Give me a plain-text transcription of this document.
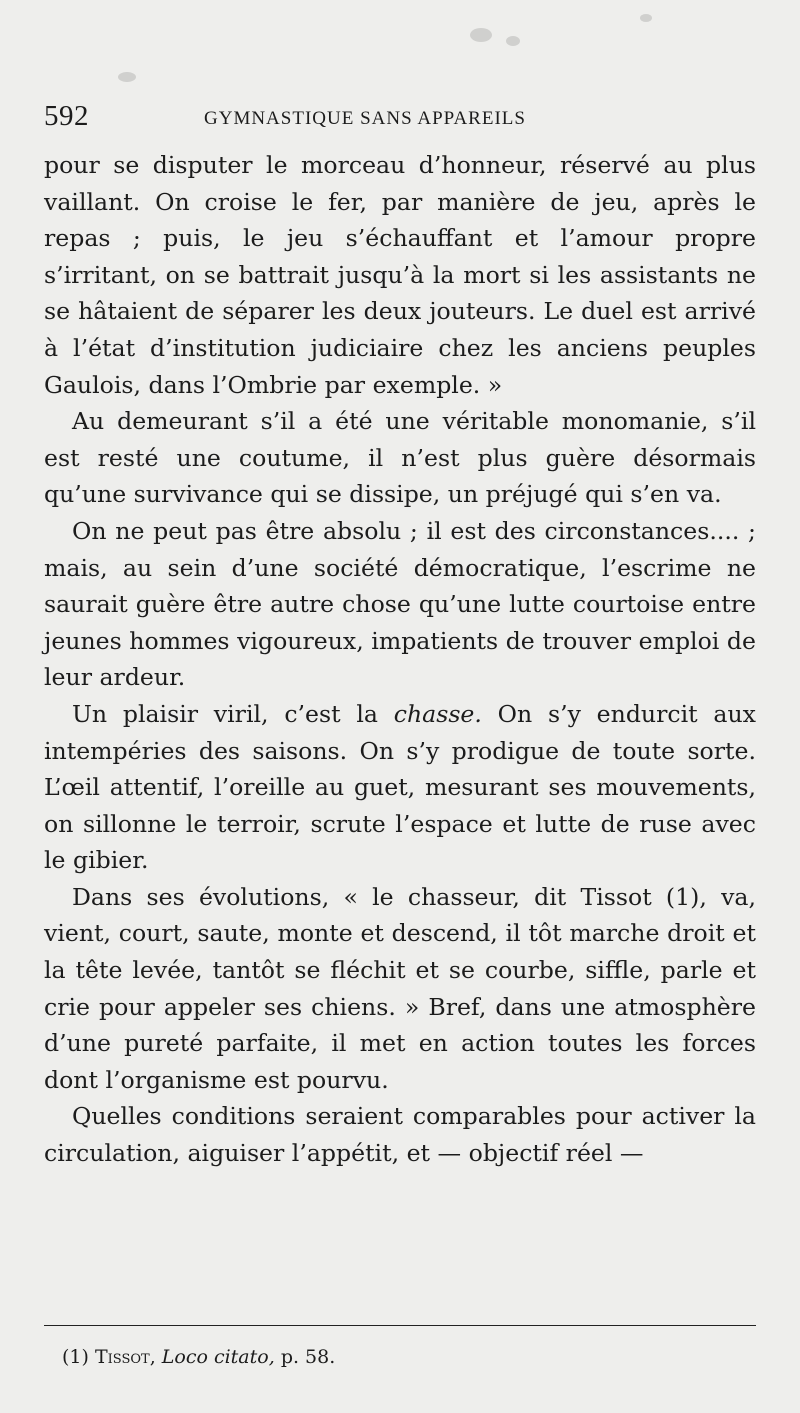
592	GYMNASTIQUE SANS APPAREILS

pour se disputer le morceau d’honneur, réservé au plus vaillant. On croise le fer, par manière de jeu, après le repas ; puis, le jeu s’échauffant et l’amour propre s’irritant, on se battrait jusqu’à la mort si les assistants ne se hâtaient de séparer les deux jouteurs. Le duel est arrivé à l’état d’institution judiciaire chez les anciens peuples Gaulois, dans l’Ombrie par exemple. »

Au demeurant s’il a été une véritable monomanie, s’il est resté une coutume, il n’est plus guère désormais qu’une survivance qui se dissipe, un préjugé qui s’en va.

On ne peut pas être absolu ; il est des circonstances.... ; mais, au sein d’une société démocratique, l’escrime ne saurait guère être autre chose qu’une lutte courtoise entre jeunes hommes vigoureux, impatients de trouver emploi de leur ardeur.

Un plaisir viril, c’est la chasse. On s’y endurcit aux intempéries des saisons. On s’y prodigue de toute sorte. L’œil attentif, l’oreille au guet, mesurant ses mouvements, on sillonne le terroir, scrute l’espace et lutte de ruse avec le gibier.

Dans ses évolutions, « le chasseur, dit Tissot (1), va, vient, court, saute, monte et descend, il tôt marche droit et la tête levée, tantôt se fléchit et se courbe, siffle, parle et crie pour appeler ses chiens. » Bref, dans une atmosphère d’une pureté parfaite, il met en action toutes les forces dont l’organisme est pourvu.

Quelles conditions seraient comparables pour activer la circulation, aiguiser l’appétit, et — objectif réel —

(1) Tissot, Loco citato, p. 58.
